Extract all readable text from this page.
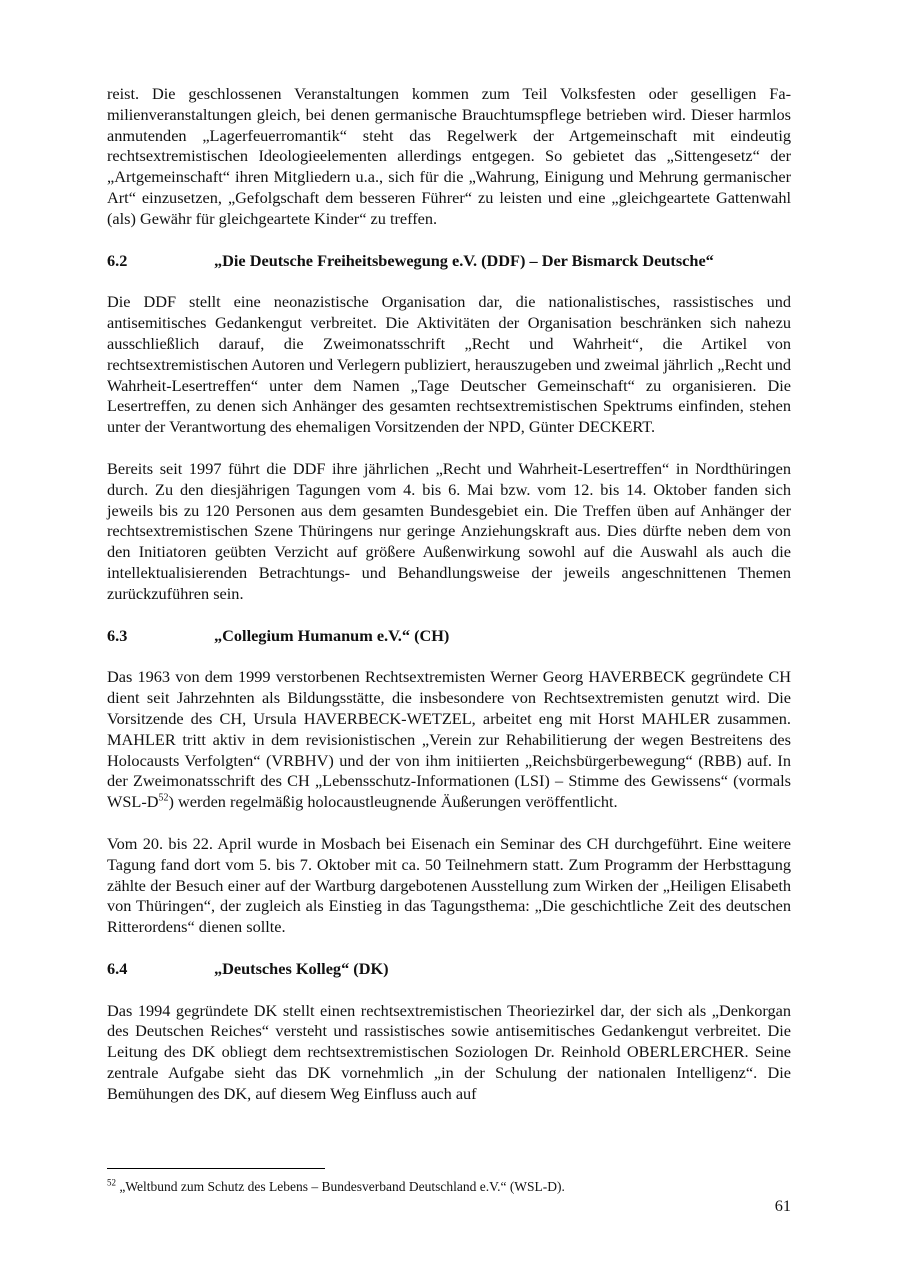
reist. Die geschlossenen Veranstaltungen kommen zum Teil Volksfesten oder geselligen Familienveranstaltungen gleich, bei denen germanische Brauchtumspflege betrieben wird. Dieser harmlos anmutenden „Lagerfeuerromantik“ steht das Regelwerk der Artgemeinschaft mit eindeutig rechtsextremistischen Ideologieelementen allerdings entgegen. So gebietet das „Sittengesetz“ der „Artgemeinschaft“ ihren Mitgliedern u.a., sich für die „Wahrung, Einigung und Mehrung germanischer Art“ einzusetzen, „Gefolgschaft dem besseren Führer“ zu leisten und eine „gleichgeartete Gattenwahl (als) Gewähr für gleichgeartete Kinder“ zu treffen.

6.2	„Die Deutsche Freiheitsbewegung e.V. (DDF) – Der Bismarck Deutsche“

Die DDF stellt eine neonazistische Organisation dar, die nationalistisches, rassistisches und antisemitisches Gedankengut verbreitet. Die Aktivitäten der Organisation beschränken sich nahezu ausschließlich darauf, die Zweimonatsschrift „Recht und Wahrheit“, die Artikel von rechtsextremistischen Autoren und Verlegern publiziert, herauszugeben und zweimal jährlich „Recht und Wahrheit-Lesertreffen“ unter dem Namen „Tage Deutscher Gemeinschaft“ zu organisieren. Die Lesertreffen, zu denen sich Anhänger des gesamten rechtsextremistischen Spektrums einfinden, stehen unter der Verantwortung des ehemaligen Vorsitzenden der NPD, Günter DECKERT.

Bereits seit 1997 führt die DDF ihre jährlichen „Recht und Wahrheit-Lesertreffen“ in Nordthüringen durch. Zu den diesjährigen Tagungen vom 4. bis 6. Mai bzw. vom 12. bis 14. Oktober fanden sich jeweils bis zu 120 Personen aus dem gesamten Bundesgebiet ein. Die Treffen üben auf Anhänger der rechtsextremistischen Szene Thüringens nur geringe Anziehungskraft aus. Dies dürfte neben dem von den Initiatoren geübten Verzicht auf größere Außenwirkung sowohl auf die Auswahl als auch die intellektualisierenden Betrachtungs- und Behandlungsweise der jeweils angeschnittenen Themen zurückzuführen sein.

6.3	„Collegium Humanum e.V.“ (CH)

Das 1963 von dem 1999 verstorbenen Rechtsextremisten Werner Georg HAVERBECK gegründete CH dient seit Jahrzehnten als Bildungsstätte, die insbesondere von Rechtsextremisten genutzt wird. Die Vorsitzende des CH, Ursula HAVERBECK-WETZEL, arbeitet eng mit Horst MAHLER zusammen. MAHLER tritt aktiv in dem revisionistischen „Verein zur Rehabilitierung der wegen Bestreitens des Holocausts Verfolgten“ (VRBHV) und der von ihm initiierten „Reichsbürgerbewegung“ (RBB) auf. In der Zweimonatsschrift des CH „Lebensschutz-Informationen (LSI) – Stimme des Gewissens“ (vormals WSL-$D^{52}$) werden regelmäßig holocaustleugnende Äußerungen veröffentlicht.

Vom 20. bis 22. April wurde in Mosbach bei Eisenach ein Seminar des CH durchgeführt. Eine weitere Tagung fand dort vom 5. bis 7. Oktober mit ca. 50 Teilnehmern statt. Zum Programm der Herbsttagung zählte der Besuch einer auf der Wartburg dargebotenen Ausstellung zum Wirken der „Heiligen Elisabeth von Thüringen“, der zugleich als Einstieg in das Tagungsthema: „Die geschichtliche Zeit des deutschen Ritterordens“ dienen sollte.

6.4	„Deutsches Kolleg“ (DK)

Das 1994 gegründete DK stellt einen rechtsextremistischen Theoriezirkel dar, der sich als „Denkorgan des Deutschen Reiches“ versteht und rassistisches sowie antisemitisches Gedankengut verbreitet. Die Leitung des DK obliegt dem rechtsextremistischen Soziologen Dr. Reinhold OBERLERCHER. Seine zentrale Aufgabe sieht das DK vornehmlich „in der Schulung der nationalen Intelligenz“. Die Bemühungen des DK, auf diesem Weg Einfluss auch auf

$^{52}$ „Weltbund zum Schutz des Lebens – Bundesverband Deutschland e.V.“ (WSL-D).
61
